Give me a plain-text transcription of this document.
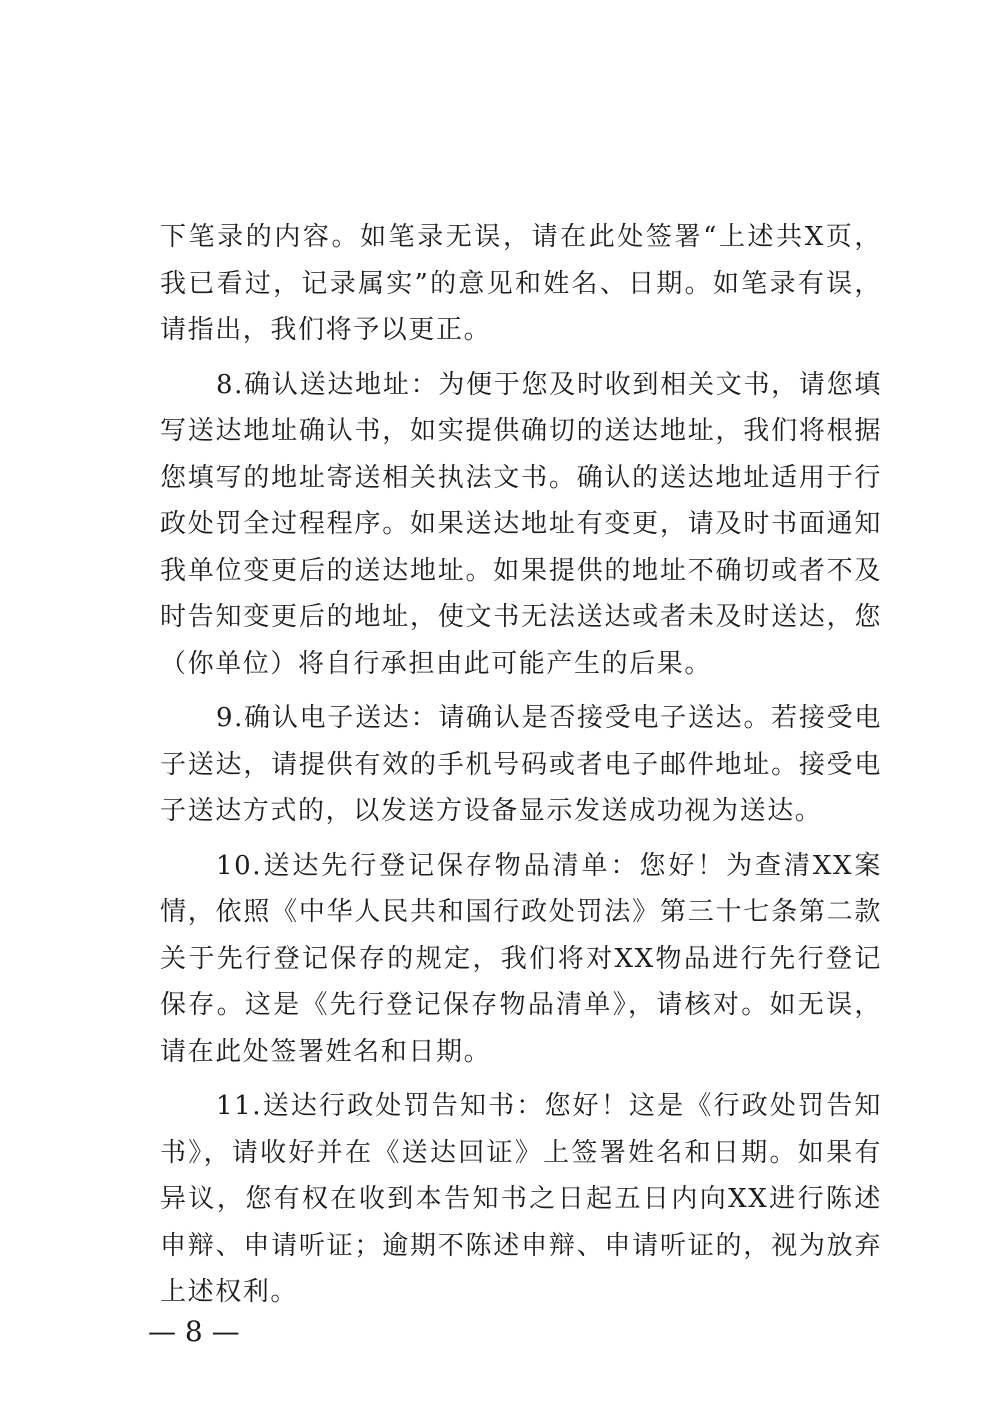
下笔录的内容。如笔录无误，请在此处签署“上述共X页，我已看过，记录属实”的意见和姓名、日期。如笔录有误，请指出，我们将予以更正。

8.确认送达地址：为便于您及时收到相关文书，请您填写送达地址确认书，如实提供确切的送达地址，我们将根据您填写的地址寄送相关执法文书。确认的送达地址适用于行政处罚全过程程序。如果送达地址有变更，请及时书面通知我单位变更后的送达地址。如果提供的地址不确切或者不及时告知变更后的地址，使文书无法送达或者未及时送达，您（你单位）将自行承担由此可能产生的后果。

9.确认电子送达：请确认是否接受电子送达。若接受电子送达，请提供有效的手机号码或者电子邮件地址。接受电子送达方式的，以发送方设备显示发送成功视为送达。

10.送达先行登记保存物品清单：您好！为查清XX案情，依照《中华人民共和国行政处罚法》第三十七条第二款关于先行登记保存的规定，我们将对XX物品进行先行登记保存。这是《先行登记保存物品清单》，请核对。如无误，请在此处签署姓名和日期。

11.送达行政处罚告知书：您好！这是《行政处罚告知书》，请收好并在《送达回证》上签署姓名和日期。如果有异议，您有权在收到本告知书之日起五日内向XX进行陈述申辩、申请听证；逾期不陈述申辩、申请听证的，视为放弃上述权利。

— 8 —
